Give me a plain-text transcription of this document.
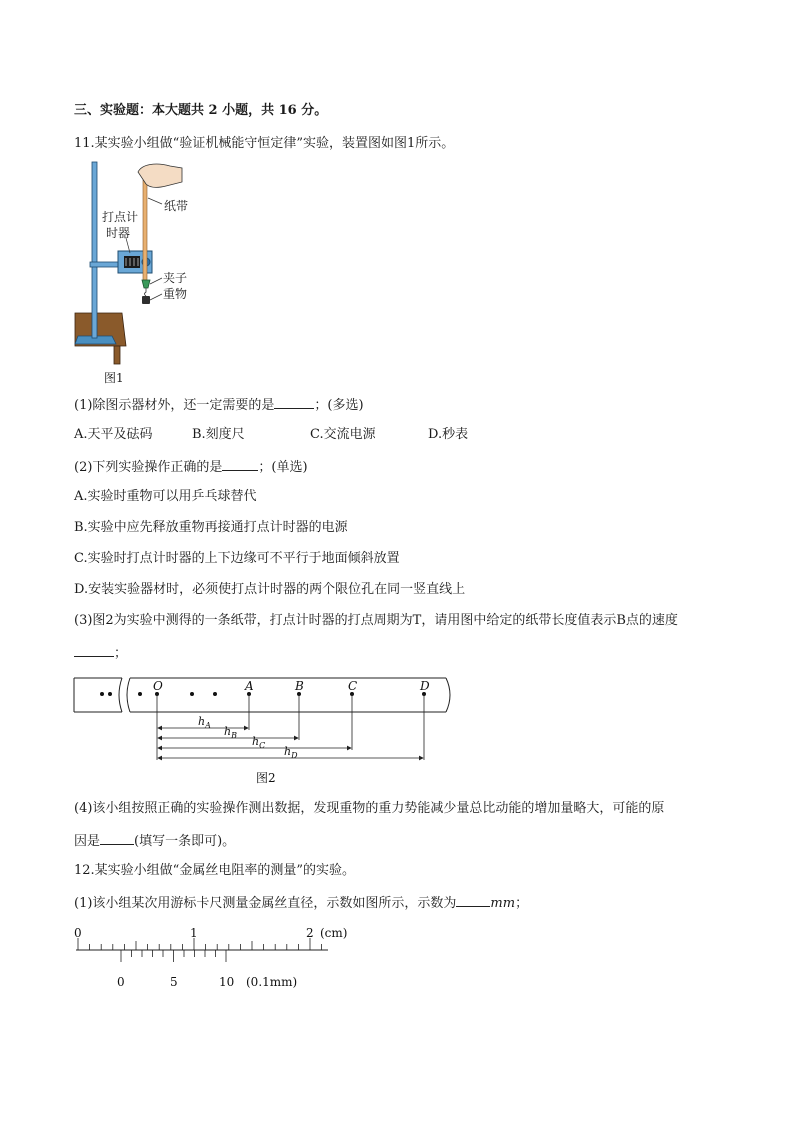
三、实验题：本大题共 2 小题，共 16 分。
11.某实验小组做“验证机械能守恒定律”实验，装置图如图1所示。
纸带
打点计
时器
夹子
重物
图1
(1)除图示器材外，还一定需要的是	；(多选)
A.天平及砝码	B.刻度尺	C.交流电源	D.秒表
(2)下列实验操作正确的是	；(单选)
A.实验时重物可以用乒乓球替代
B.实验中应先释放重物再接通打点计时器的电源
C.实验时打点计时器的上下边缘可不平行于地面倾斜放置
D.安装实验器材时，必须使打点计时器的两个限位孔在同一竖直线上
(3)图2为实验中测得的一条纸带，打点计时器的打点周期为T，请用图中给定的纸带长度值表示B点的速度
；
O	A	B	C	D
$h_A$ $h_B$ $h_C$ $h_D$
图2
(4)该小组按照正确的实验操作测出数据，发现重物的重力势能减少量总比动能的增加量略大，可能的原
因是	(填写一条即可)。
12.某实验小组做“金属丝电阻率的测量”的实验。
(1)该小组某次用游标卡尺测量金属丝直径，示数如图所示，示数为	mm；
0	1	2 (cm)
0	5	10 (0.1mm)
